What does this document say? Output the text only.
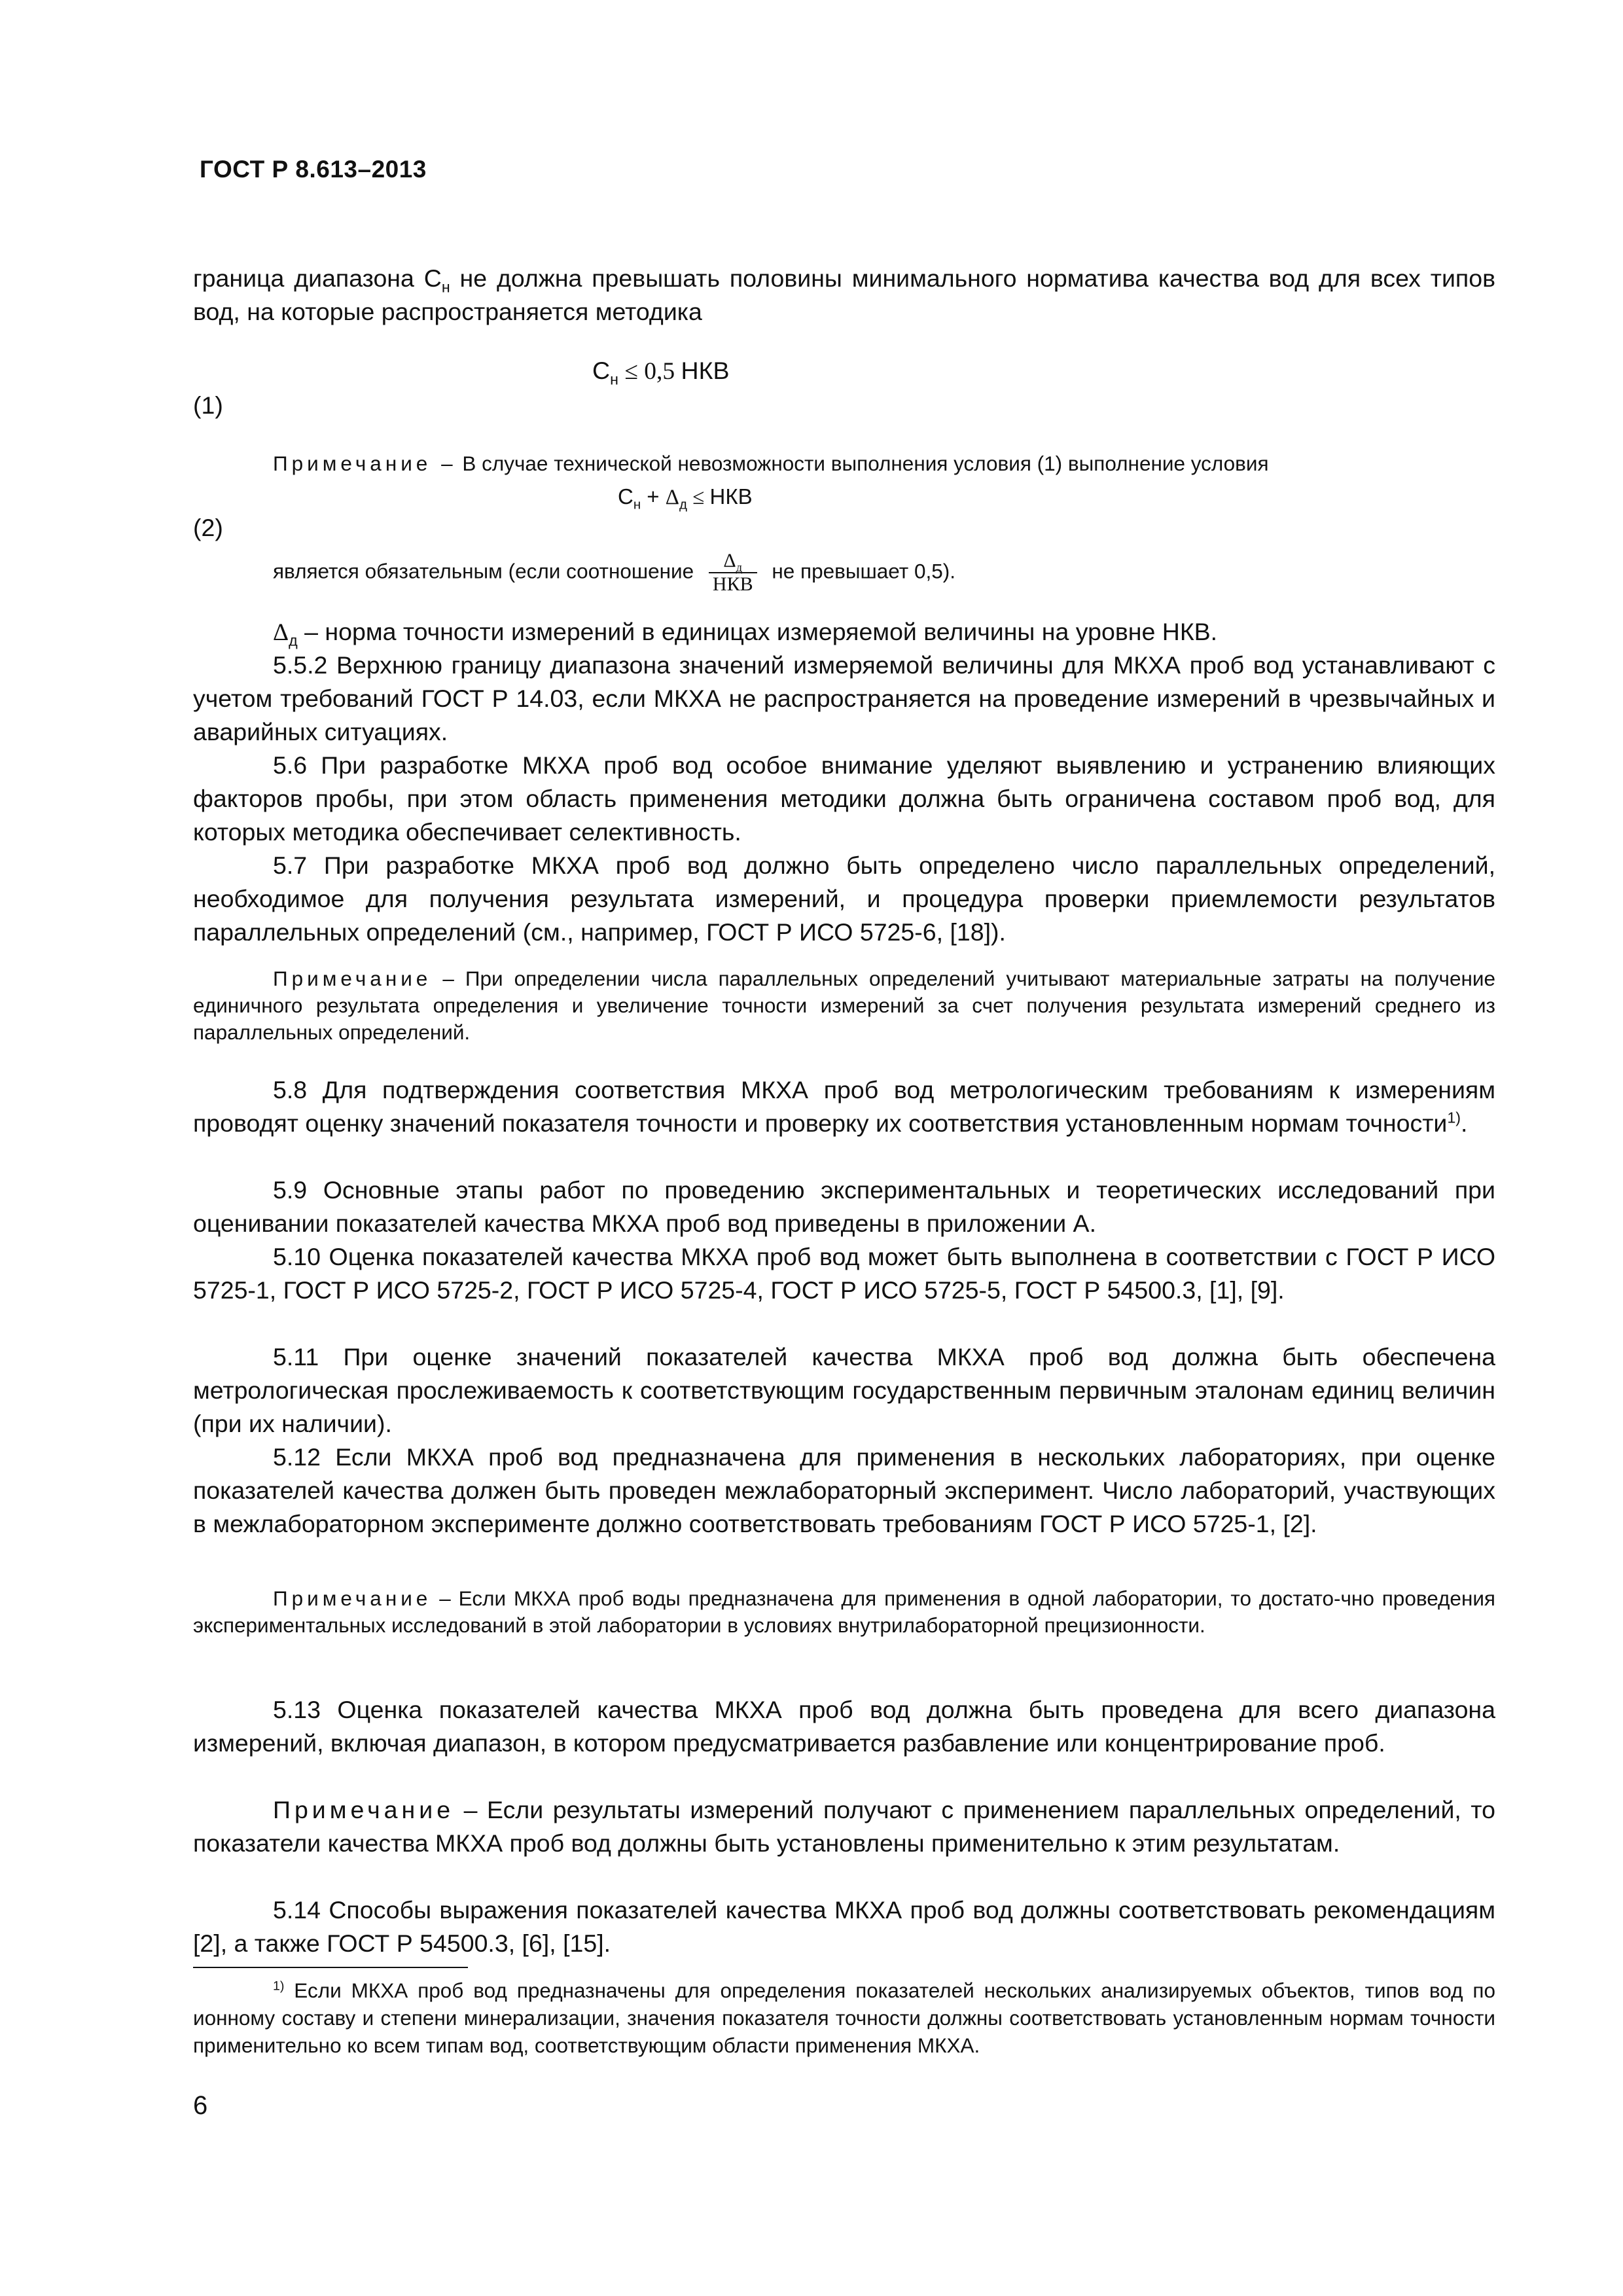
ГОСТ Р 8.613–2013

граница диапазона $С_н$ не должна превышать половины минимального норматива качества вод для всех типов вод, на которые распространяется методика

$С_н \le 0,5$ НКВ
(1)

Примечание – В случае технической невозможности выполнения условия (1) выполнение условия

$С_н + \Delta_д$ ≤ НКВ
(2)
является обязательным (если соотношение $\frac{\Delta_д}{\text{НКВ}}$ не превышает 0,5).

$\Delta_д$ – норма точности измерений в единицах измеряемой величины на уровне НКВ.

5.5.2 Верхнюю границу диапазона значений измеряемой величины для МКХА проб вод устанавливают с учетом требований ГОСТ Р 14.03, если МКХА не распространяется на проведение измерений в чрезвычайных и аварийных ситуациях.

5.6 При разработке МКХА проб вод особое внимание уделяют выявлению и устранению влияющих факторов пробы, при этом область применения методики должна быть ограничена составом проб вод, для которых методика обеспечивает селективность.

5.7 При разработке МКХА проб вод должно быть определено число параллельных определений, необходимое для получения результата измерений, и процедура проверки приемлемости результатов параллельных определений (см., например, ГОСТ Р ИСО 5725-6, [18]).

Примечание – При определении числа параллельных определений учитывают материальные затраты на получение единичного результата определения и увеличение точности измерений за счет получения результата измерений среднего из параллельных определений.

5.8 Для подтверждения соответствия МКХА проб вод метрологическим требованиям к измерениям проводят оценку значений показателя точности и проверку их соответствия установленным нормам точности$^{1)}$.

5.9 Основные этапы работ по проведению экспериментальных и теоретических исследований при оценивании показателей качества МКХА проб вод приведены в приложении А.

5.10 Оценка показателей качества МКХА проб вод может быть выполнена в соответствии с ГОСТ Р ИСО 5725-1, ГОСТ Р ИСО 5725-2, ГОСТ Р ИСО 5725-4, ГОСТ Р ИСО 5725-5, ГОСТ Р 54500.3, [1], [9].

5.11 При оценке значений показателей качества МКХА проб вод должна быть обеспечена метрологическая прослеживаемость к соответствующим государственным первичным эталонам единиц величин (при их наличии).

5.12 Если МКХА проб вод предназначена для применения в нескольких лабораториях, при оценке показателей качества должен быть проведен межлабораторный эксперимент. Число лабораторий, участвующих в межлабораторном эксперименте должно соответствовать требованиям ГОСТ Р ИСО 5725-1, [2].

Примечание – Если МКХА проб воды предназначена для применения в одной лаборатории, то достато-чно проведения экспериментальных исследований в этой лаборатории в условиях внутрилабораторной прецизионности.

5.13 Оценка показателей качества МКХА проб вод должна быть проведена для всего диапазона измерений, включая диапазон, в котором предусматривается разбавление или концентрирование проб.

Примечание – Если результаты измерений получают с применением параллельных определений, то показатели качества МКХА проб вод должны быть установлены применительно к этим результатам.

5.14 Способы выражения показателей качества МКХА проб вод должны соответствовать рекомендациям [2], а также ГОСТ Р 54500.3, [6], [15].

$^{1)}$ Если МКХА проб вод предназначены для определения показателей нескольких анализируемых объектов, типов вод по ионному составу и степени минерализации, значения показателя точности должны соответствовать установленным нормам точности применительно ко всем типам вод, соответствующим области применения МКХА.

6
